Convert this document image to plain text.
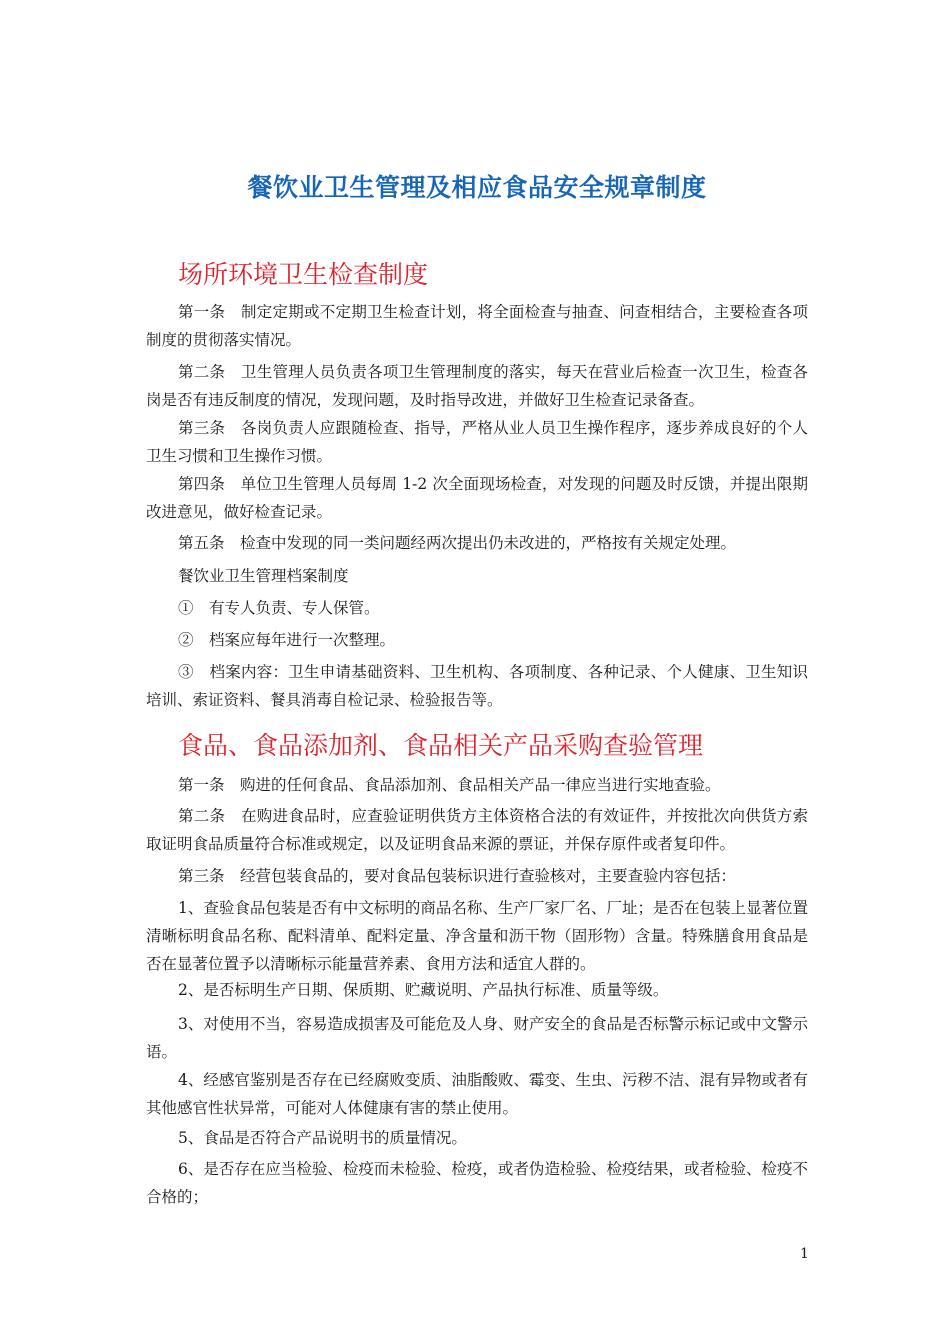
餐饮业卫生管理及相应食品安全规章制度
场所环境卫生检查制度

第一条　制定定期或不定期卫生检查计划，将全面检查与抽查、问查相结合，主要检查各项制度的贯彻落实情况。

第二条　卫生管理人员负责各项卫生管理制度的落实，每天在营业后检查一次卫生，检查各岗是否有违反制度的情况，发现问题，及时指导改进，并做好卫生检查记录备查。

第三条　各岗负责人应跟随检查、指导，严格从业人员卫生操作程序，逐步养成良好的个人卫生习惯和卫生操作习惯。

第四条　单位卫生管理人员每周 1-2 次全面现场检查，对发现的问题及时反馈，并提出限期改进意见，做好检查记录。

第五条　检查中发现的同一类问题经两次提出仍未改进的，严格按有关规定处理。

餐饮业卫生管理档案制度

①　有专人负责、专人保管。

②　档案应每年进行一次整理。

③　档案内容：卫生申请基础资料、卫生机构、各项制度、各种记录、个人健康、卫生知识培训、索证资料、餐具消毒自检记录、检验报告等。

食品、食品添加剂、食品相关产品采购查验管理

第一条　购进的任何食品、食品添加剂、食品相关产品一律应当进行实地查验。

第二条　在购进食品时，应查验证明供货方主体资格合法的有效证件，并按批次向供货方索取证明食品质量符合标准或规定，以及证明食品来源的票证，并保存原件或者复印件。

第三条　经营包装食品的，要对食品包装标识进行查验核对，主要查验内容包括：

1、查验食品包装是否有中文标明的商品名称、生产厂家厂名、厂址；是否在包装上显著位置清晰标明食品名称、配料清单、配料定量、净含量和沥干物（固形物）含量。特殊膳食用食品是否在显著位置予以清晰标示能量营养素、食用方法和适宜人群的。

2、是否标明生产日期、保质期、贮藏说明、产品执行标准、质量等级。

3、对使用不当，容易造成损害及可能危及人身、财产安全的食品是否标警示标记或中文警示语。

4、经感官鉴别是否存在已经腐败变质、油脂酸败、霉变、生虫、污秽不洁、混有异物或者有其他感官性状异常，可能对人体健康有害的禁止使用。

5、食品是否符合产品说明书的质量情况。

6、是否存在应当检验、检疫而未检验、检疫，或者伪造检验、检疫结果，或者检验、检疫不合格的；

1
